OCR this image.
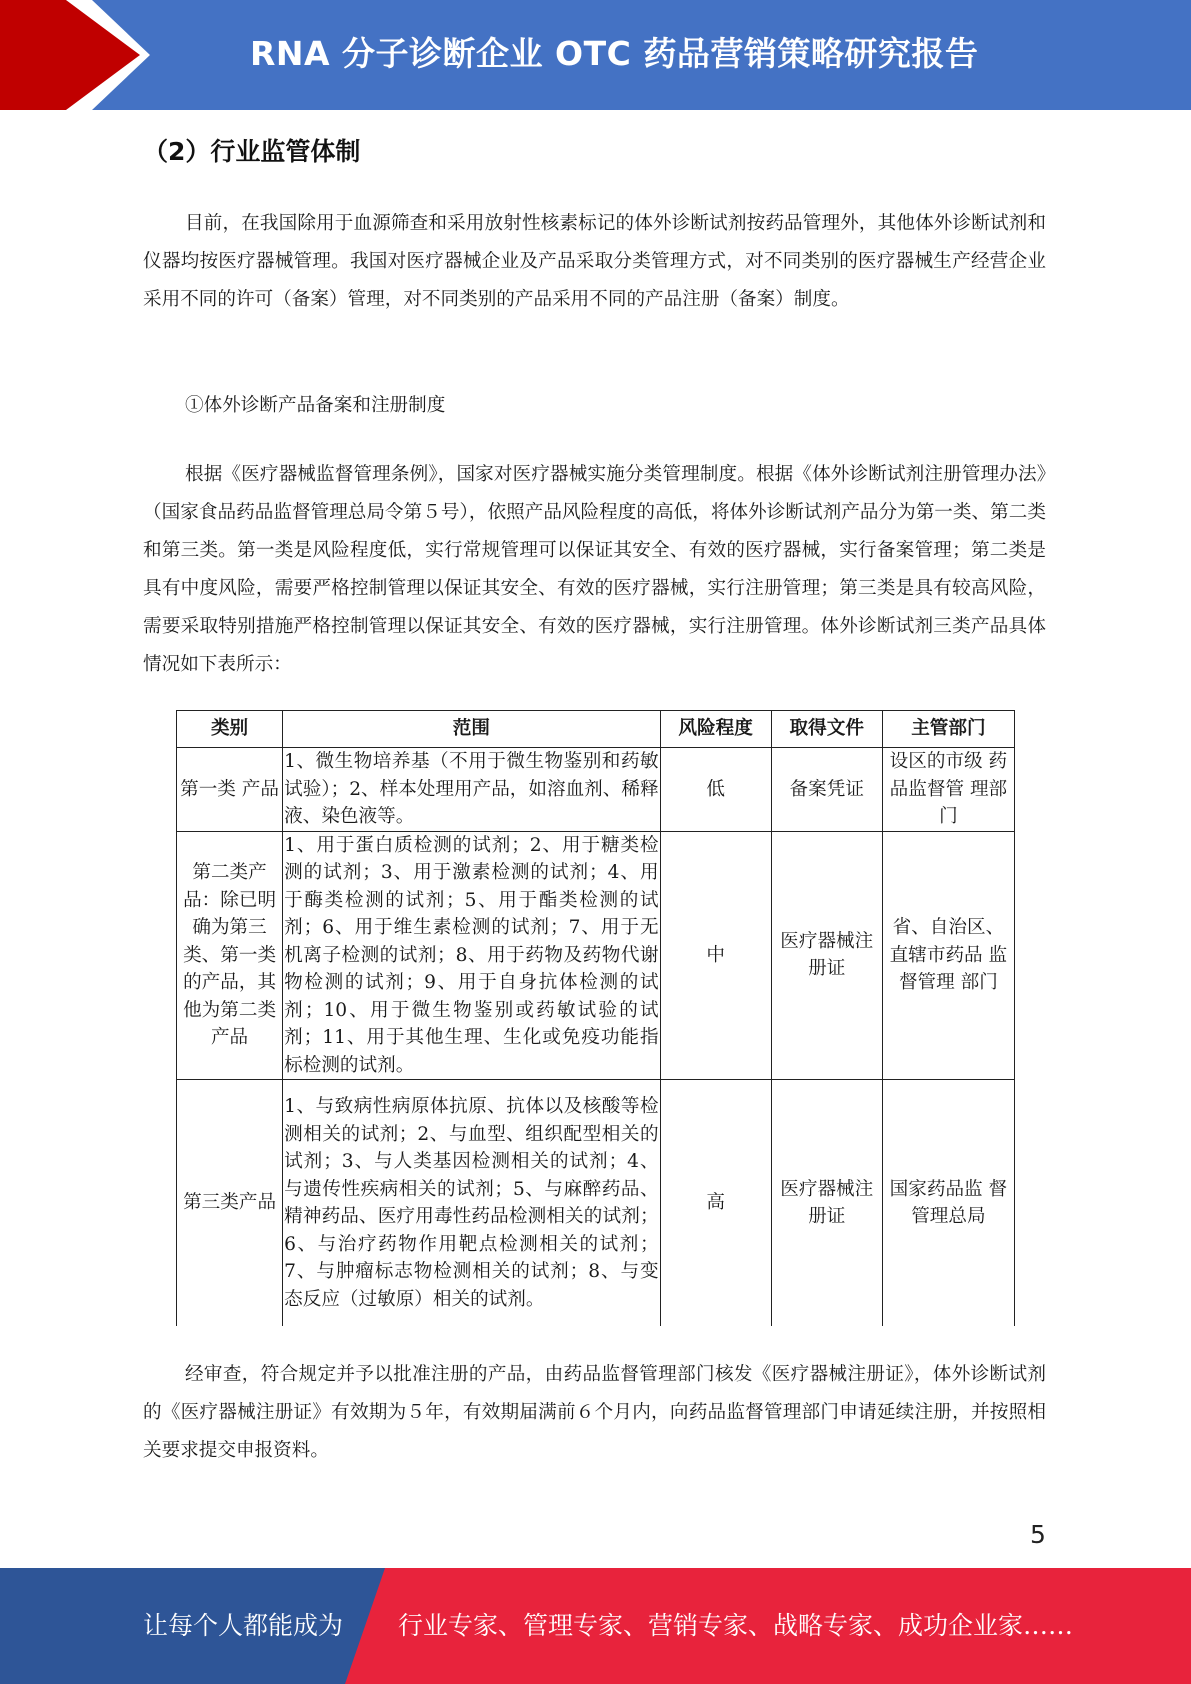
RNA 分子诊断企业 OTC 药品营销策略研究报告
（2）行业监管体制

目前，在我国除用于血源筛查和采用放射性核素标记的体外诊断试剂按药品管理外，其他体外诊断试剂和仪器均按医疗器械管理。我国对医疗器械企业及产品采取分类管理方式，对不同类别的医疗器械生产经营企业采用不同的许可（备案）管理，对不同类别的产品采用不同的产品注册（备案）制度。

①体外诊断产品备案和注册制度

根据《医疗器械监督管理条例》，国家对医疗器械实施分类管理制度。根据《体外诊断试剂注册管理办法》（国家食品药品监督管理总局令第５号），依照产品风险程度的高低，将体外诊断试剂产品分为第一类、第二类和第三类。第一类是风险程度低，实行常规管理可以保证其安全、有效的医疗器械，实行备案管理；第二类是具有中度风险，需要严格控制管理以保证其安全、有效的医疗器械，实行注册管理；第三类是具有较高风险，需要采取特别措施严格控制管理以保证其安全、有效的医疗器械，实行注册管理。体外诊断试剂三类产品具体情况如下表所示：

类别	范围	风险程度	取得文件	主管部门
第一类 产品	1、微生物培养基（不用于微生物鉴别和药敏试验）；2、样本处理用产品，如溶血剂、稀释液、染色液等。	低	备案凭证	设区的市级 药品监督管 理部门
第二类产品：除已明确为第三类、第一类的产品，其他为第二类产品	1、用于蛋白质检测的试剂；2、用于糖类检测的试剂；3、用于激素检测的试剂；4、用于酶类检测的试剂；5、用于酯类检测的试剂；6、用于维生素检测的试剂；7、用于无机离子检测的试剂；8、用于药物及药物代谢物检测的试剂；9、用于自身抗体检测的试剂；10、用于微生物鉴别或药敏试验的试剂；11、用于其他生理、生化或免疫功能指标检测的试剂。	中	医疗器械注册证	省、自治区、直辖市药品 监督管理 部门
第三类产品	1、与致病性病原体抗原、抗体以及核酸等检测相关的试剂；2、与血型、组织配型相关的试剂；3、与人类基因检测相关的试剂；4、与遗传性疾病相关的试剂；5、与麻醉药品、精神药品、医疗用毒性药品检测相关的试剂；6、与治疗药物作用靶点检测相关的试剂；7、与肿瘤标志物检测相关的试剂；8、与变态反应（过敏原）相关的试剂。	高	医疗器械注册证	国家药品监 督管理总局

经审查，符合规定并予以批准注册的产品，由药品监督管理部门核发《医疗器械注册证》，体外诊断试剂的《医疗器械注册证》有效期为５年，有效期届满前６个月内，向药品监督管理部门申请延续注册，并按照相关要求提交申报资料。

5
让每个人都能成为 行业专家、管理专家、营销专家、战略专家、成功企业家……
